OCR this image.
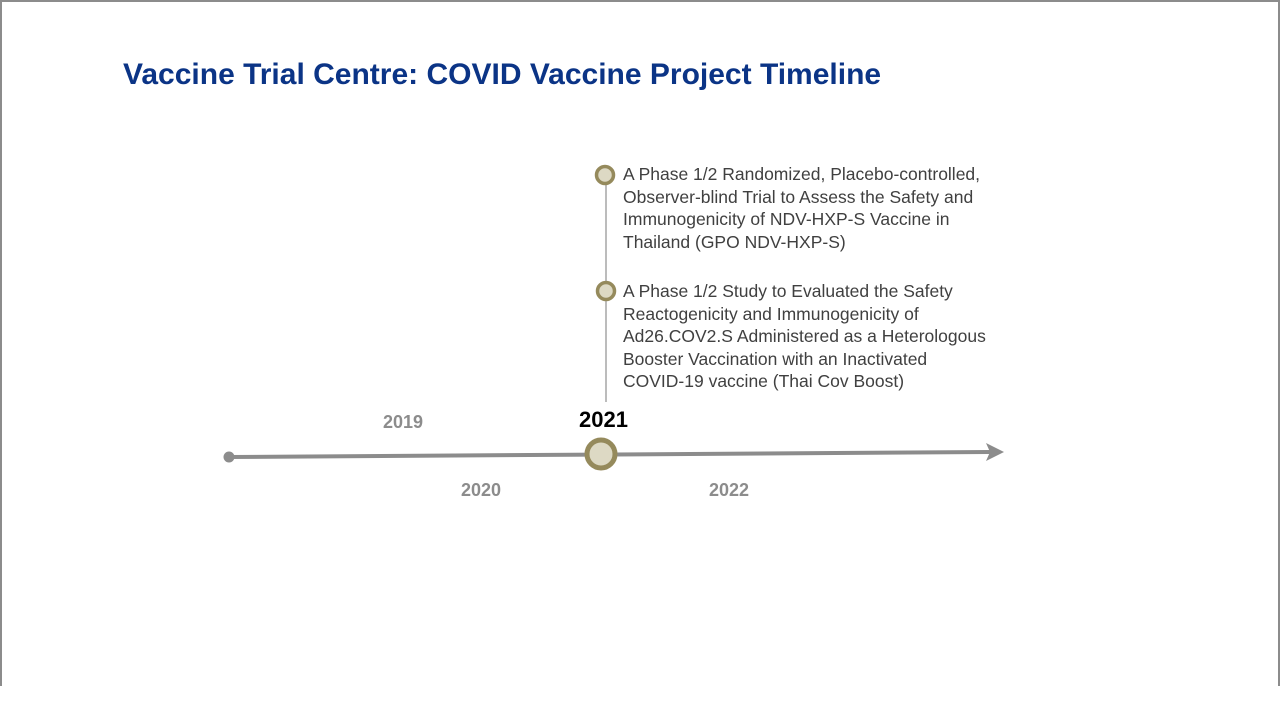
Vaccine Trial Centre: COVID Vaccine Project Timeline
A Phase 1/2 Randomized, Placebo-controlled,
Observer-blind Trial to Assess the Safety and
Immunogenicity of NDV-HXP-S Vaccine in
Thailand (GPO NDV-HXP-S)
A Phase 1/2 Study to Evaluated the Safety
Reactogenicity and Immunogenicity of
Ad26.COV2.S Administered as a Heterologous
Booster Vaccination with an Inactivated
COVID-19 vaccine (Thai Cov Boost)
2019	2021
2020	2022
